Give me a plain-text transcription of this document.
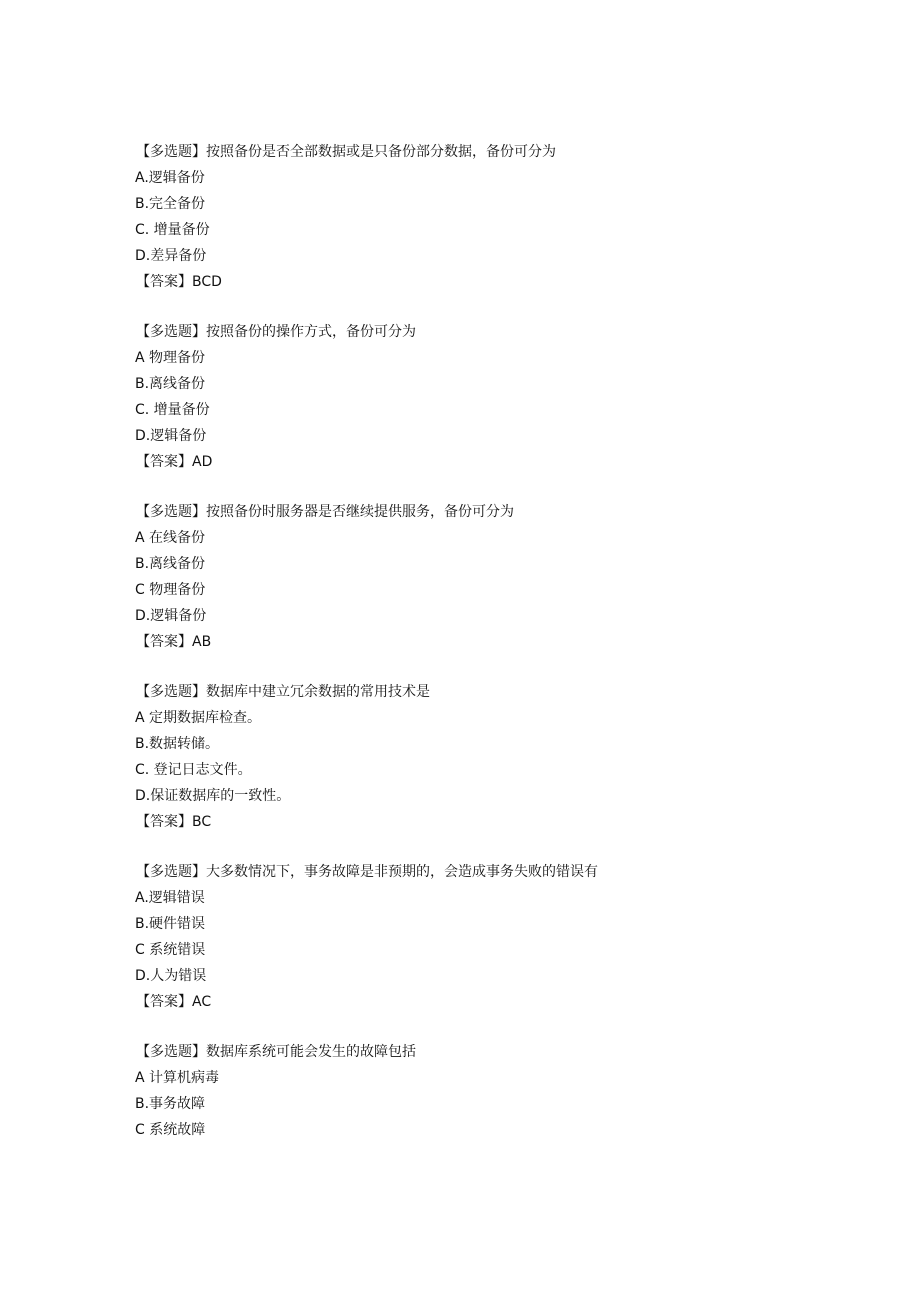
【多选题】按照备份是否全部数据或是只备份部分数据，备份可分为
A.逻辑备份
B.完全备份
C. 增量备份
D.差异备份
【答案】BCD
【多选题】按照备份的操作方式，备份可分为
A 物理备份
B.离线备份
C. 增量备份
D.逻辑备份
【答案】AD
【多选题】按照备份时服务器是否继续提供服务，备份可分为
A 在线备份
B.离线备份
C 物理备份
D.逻辑备份
【答案】AB
【多选题】数据库中建立冗余数据的常用技术是
A 定期数据库检查。
B.数据转储。
C. 登记日志文件。
D.保证数据库的一致性。
【答案】BC
【多选题】大多数情况下，事务故障是非预期的，会造成事务失败的错误有
A.逻辑错误
B.硬件错误
C 系统错误
D.人为错误
【答案】AC
【多选题】数据库系统可能会发生的故障包括
A 计算机病毒
B.事务故障
C 系统故障
